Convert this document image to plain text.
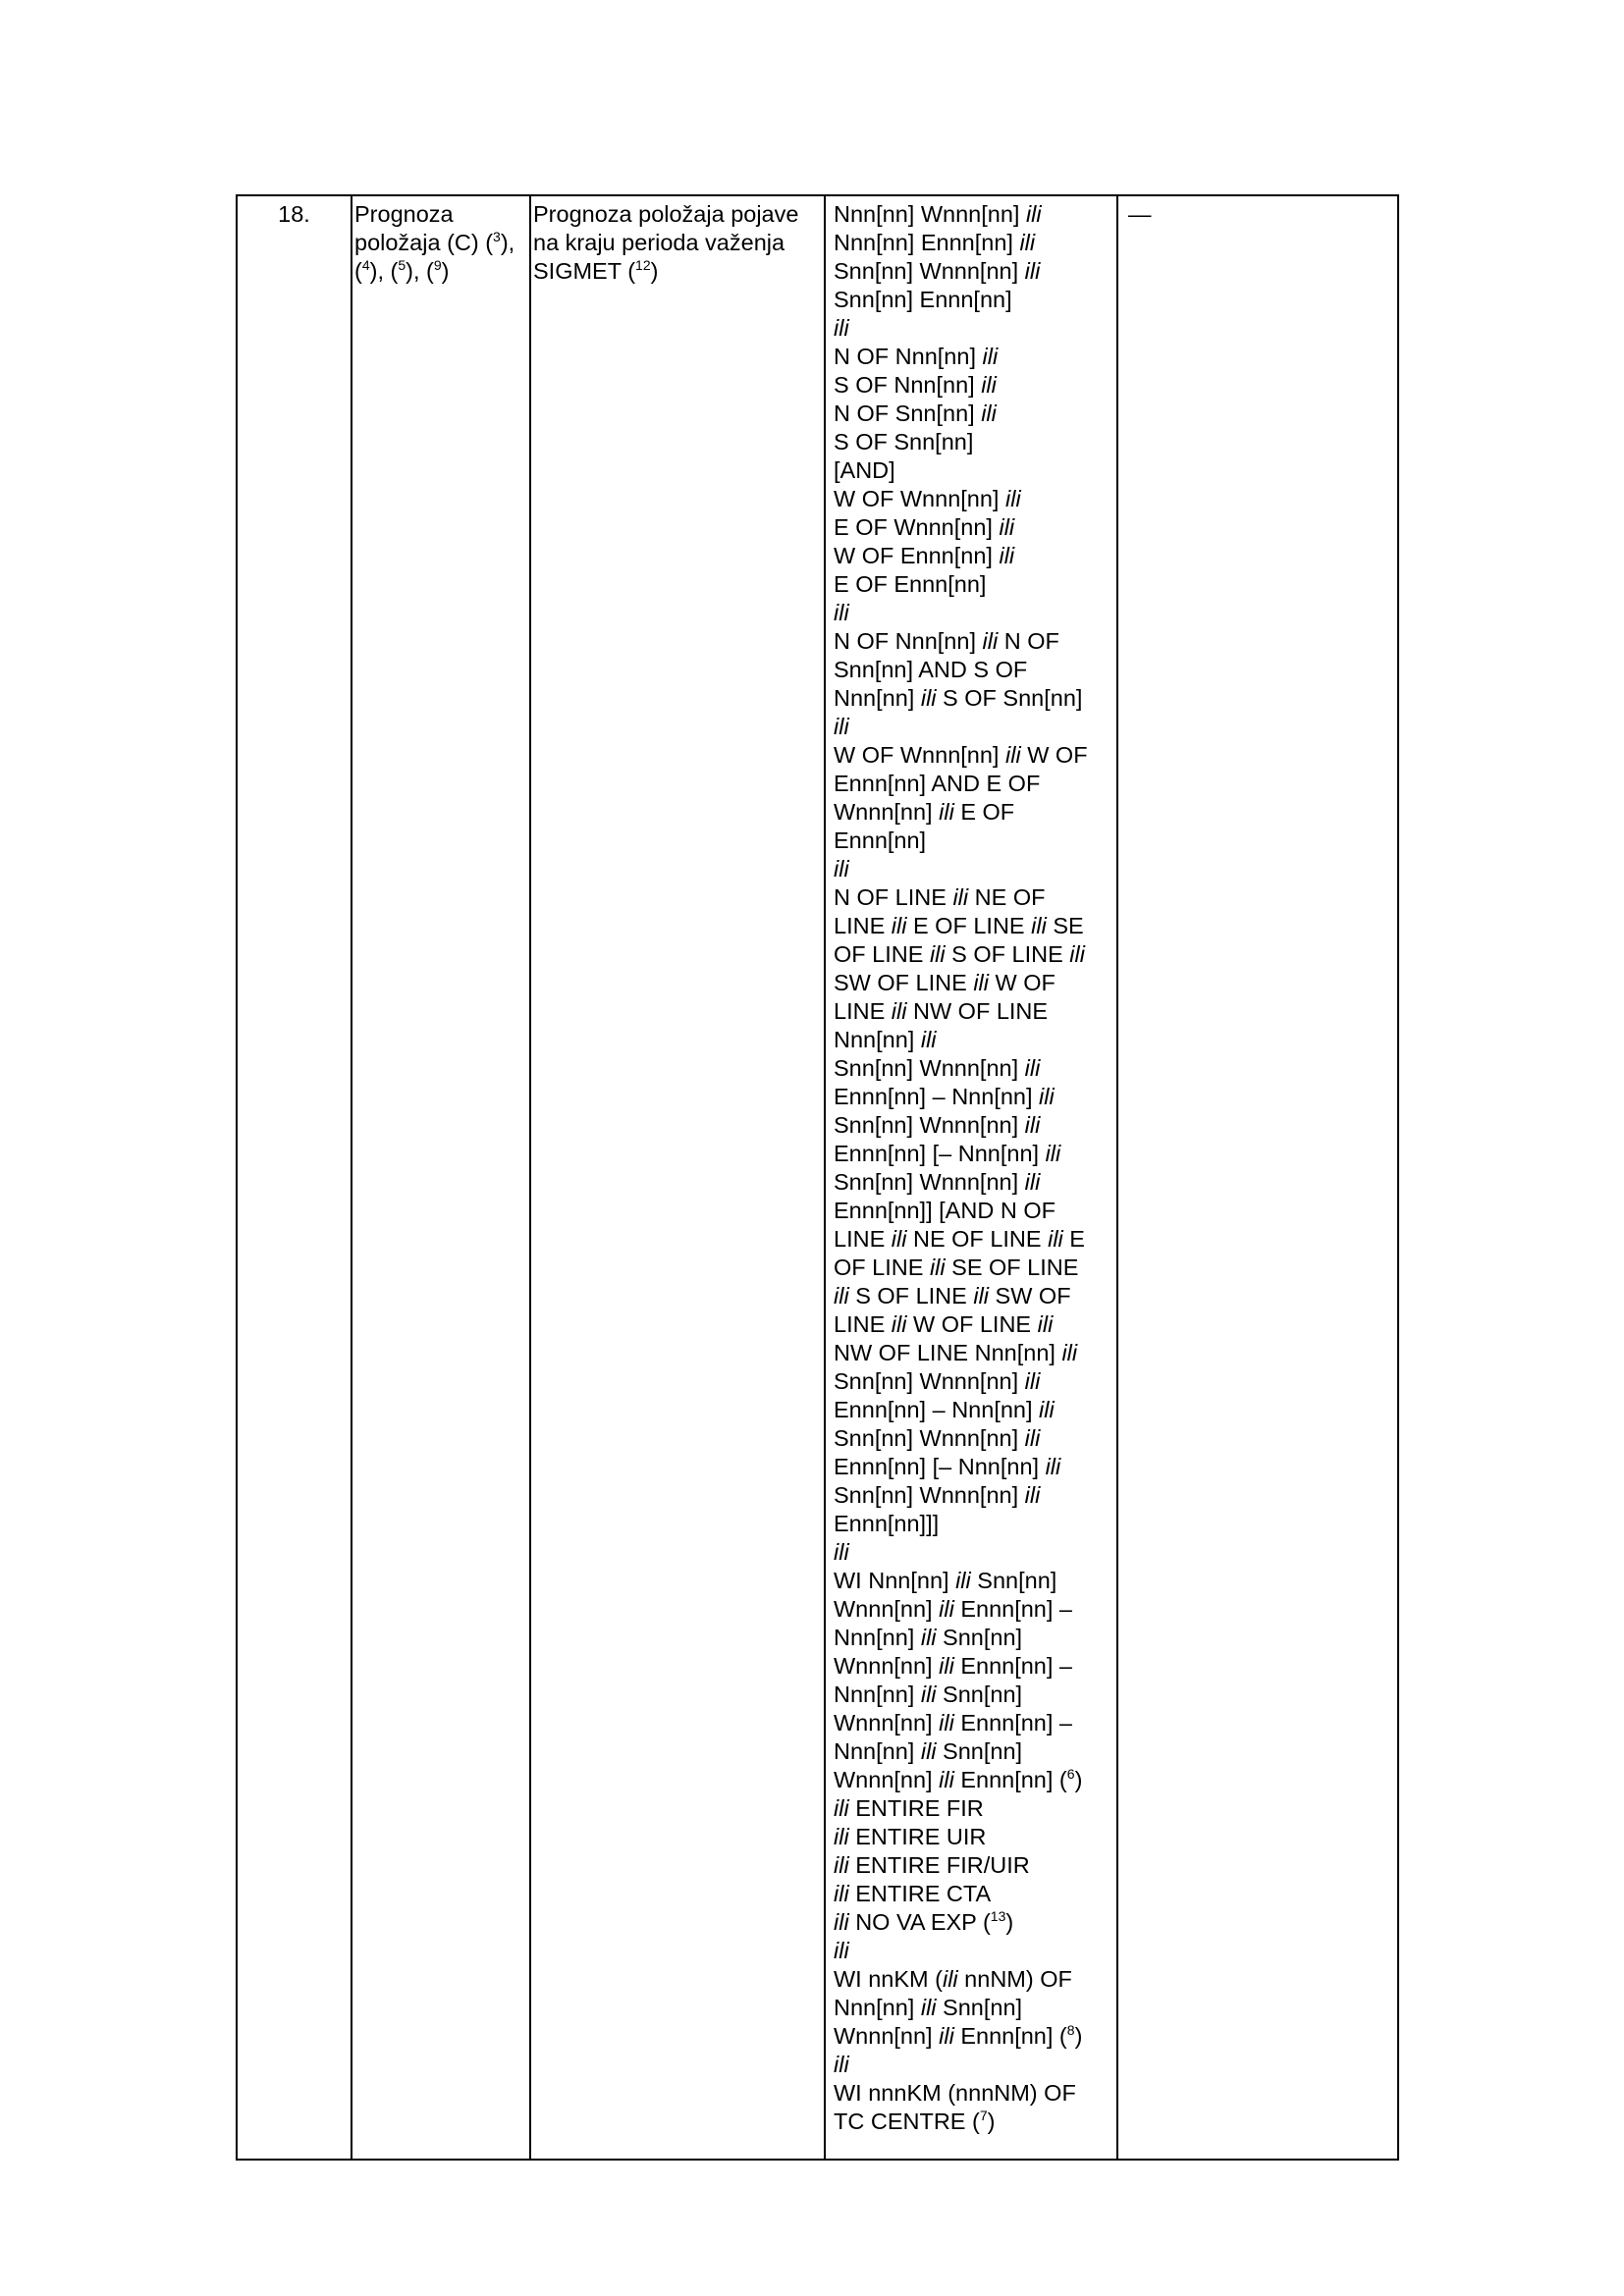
18.	Prognoza
položaja (C) ($^3$),
($^4$), ($^5$), ($^9$)
Prognoza položaja pojave
na kraju perioda važenja
SIGMET ($^{12}$)
Nnn[nn] Wnnn[nn] ili
Nnn[nn] Ennn[nn] ili
Snn[nn] Wnnn[nn] ili
Snn[nn] Ennn[nn]
ili
N OF Nnn[nn] ili
S OF Nnn[nn] ili
N OF Snn[nn] ili
S OF Snn[nn]
[AND]
W OF Wnnn[nn] ili
E OF Wnnn[nn] ili
W OF Ennn[nn] ili
E OF Ennn[nn]
ili
N OF Nnn[nn] ili N OF
Snn[nn] AND S OF
Nnn[nn] ili S OF Snn[nn]
ili
W OF Wnnn[nn] ili W OF
Ennn[nn] AND E OF
Wnnn[nn] ili E OF
Ennn[nn]
ili
N OF LINE ili NE OF
LINE ili E OF LINE ili SE
OF LINE ili S OF LINE ili
SW OF LINE ili W OF
LINE ili NW OF LINE
Nnn[nn] ili
Snn[nn] Wnnn[nn] ili
Ennn[nn] – Nnn[nn] ili
Snn[nn] Wnnn[nn] ili
Ennn[nn] [– Nnn[nn] ili
Snn[nn] Wnnn[nn] ili
Ennn[nn]] [AND N OF
LINE ili NE OF LINE ili E
OF LINE ili SE OF LINE
ili S OF LINE ili SW OF
LINE ili W OF LINE ili
NW OF LINE Nnn[nn] ili
Snn[nn] Wnnn[nn] ili
Ennn[nn] – Nnn[nn] ili
Snn[nn] Wnnn[nn] ili
Ennn[nn] [– Nnn[nn] ili
Snn[nn] Wnnn[nn] ili
Ennn[nn]]]
ili
WI Nnn[nn] ili Snn[nn]
Wnnn[nn] ili Ennn[nn] –
Nnn[nn] ili Snn[nn]
Wnnn[nn] ili Ennn[nn] –
Nnn[nn] ili Snn[nn]
Wnnn[nn] ili Ennn[nn] –
Nnn[nn] ili Snn[nn]
Wnnn[nn] ili Ennn[nn] ($^6$)
ili ENTIRE FIR
ili ENTIRE UIR
ili ENTIRE FIR/UIR
ili ENTIRE CTA
ili NO VA EXP ($^{13}$)
ili
WI nnKM (ili nnNM) OF
Nnn[nn] ili Snn[nn]
Wnnn[nn] ili Ennn[nn] ($^8$)
ili
WI nnnKM (nnnNM) OF
TC CENTRE ($^7$)
—
